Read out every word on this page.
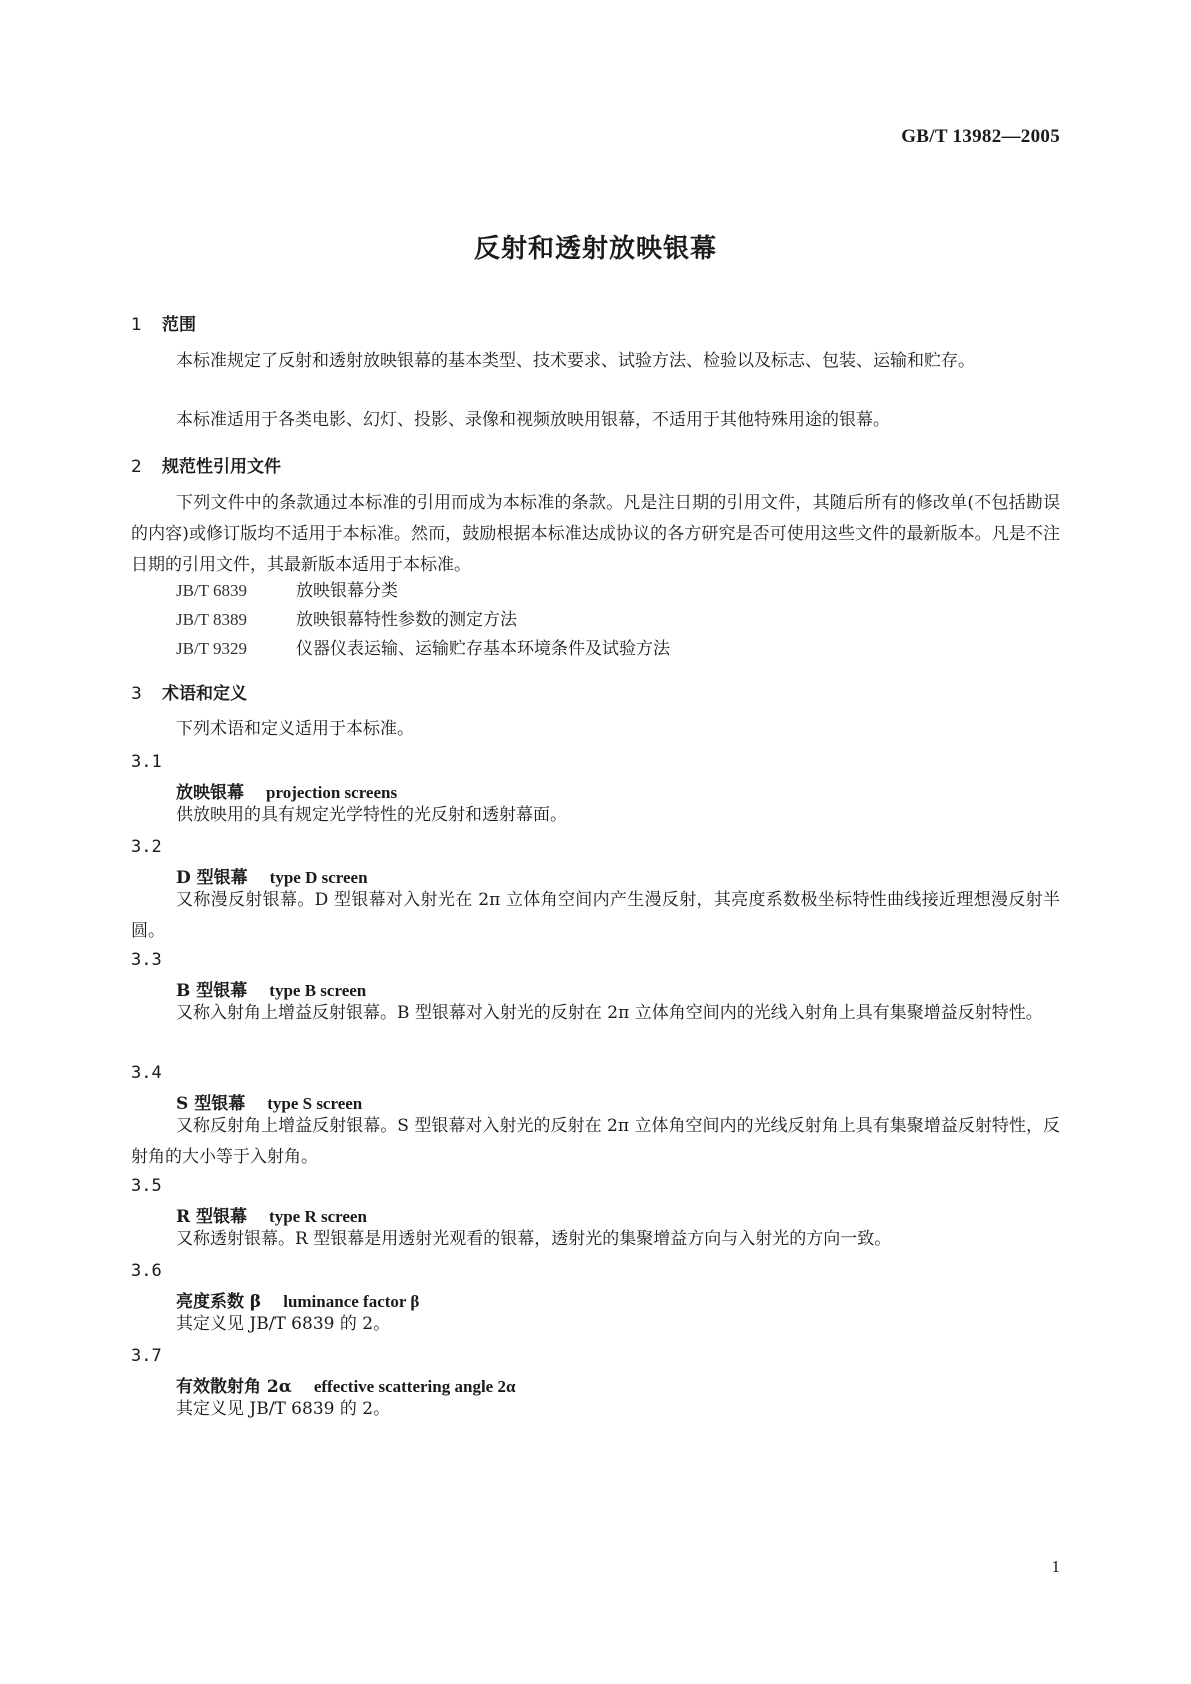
GB/T 13982—2005
反射和透射放映银幕
1 范围
本标准规定了反射和透射放映银幕的基本类型、技术要求、试验方法、检验以及标志、包装、运输和贮存。
本标准适用于各类电影、幻灯、投影、录像和视频放映用银幕，不适用于其他特殊用途的银幕。
2 规范性引用文件
下列文件中的条款通过本标准的引用而成为本标准的条款。凡是注日期的引用文件，其随后所有的修改单(不包括勘误的内容)或修订版均不适用于本标准。然而，鼓励根据本标准达成协议的各方研究是否可使用这些文件的最新版本。凡是不注日期的引用文件，其最新版本适用于本标准。
JB/T 6839	放映银幕分类
JB/T 8389	放映银幕特性参数的测定方法
JB/T 9329	仪器仪表运输、运输贮存基本环境条件及试验方法
3 术语和定义
下列术语和定义适用于本标准。
3.1
放映银幕 projection screens
供放映用的具有规定光学特性的光反射和透射幕面。
3.2
D 型银幕 type D screen
又称漫反射银幕。D 型银幕对入射光在 2π 立体角空间内产生漫反射，其亮度系数极坐标特性曲线接近理想漫反射半圆。
3.3
B 型银幕 type B screen
又称入射角上增益反射银幕。B 型银幕对入射光的反射在 2π 立体角空间内的光线入射角上具有集聚增益反射特性。
3.4
S 型银幕 type S screen
又称反射角上增益反射银幕。S 型银幕对入射光的反射在 2π 立体角空间内的光线反射角上具有集聚增益反射特性，反射角的大小等于入射角。
3.5
R 型银幕 type R screen
又称透射银幕。R 型银幕是用透射光观看的银幕，透射光的集聚增益方向与入射光的方向一致。
3.6
亮度系数 β luminance factor β
其定义见 JB/T 6839 的 2。
3.7
有效散射角 2α effective scattering angle 2α
其定义见 JB/T 6839 的 2。
1
